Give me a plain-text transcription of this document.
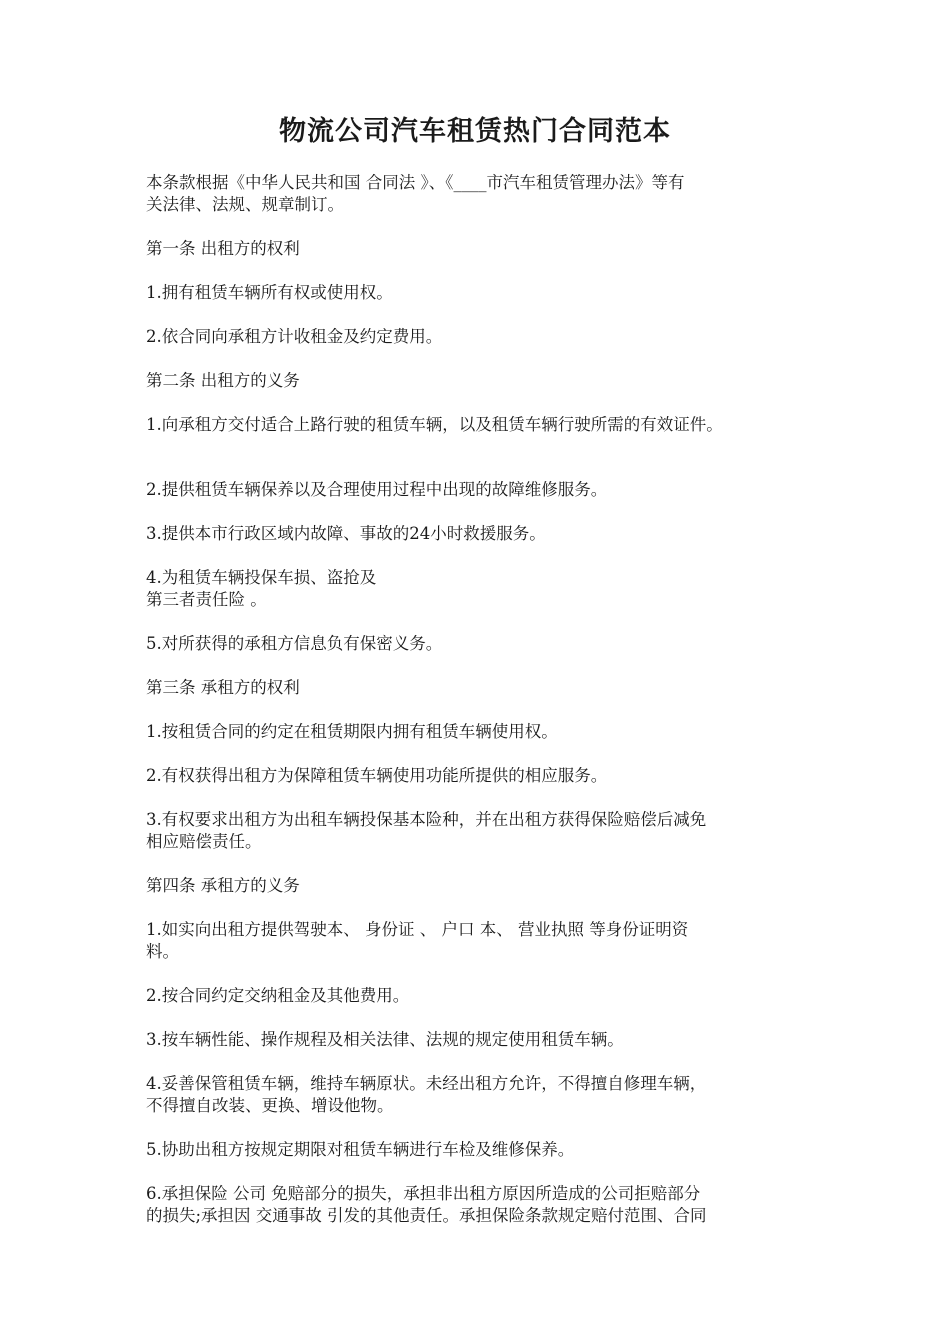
物流公司汽车租赁热门合同范本

本条款根据《中华人民共和国 合同法 》、《____市汽车租赁管理办法》等有
关法律、法规、规章制订。

第一条 出租方的权利

1.拥有租赁车辆所有权或使用权。

2.依合同向承租方计收租金及约定费用。

第二条 出租方的义务

1.向承租方交付适合上路行驶的租赁车辆，以及租赁车辆行驶所需的有效证件。

2.提供租赁车辆保养以及合理使用过程中出现的故障维修服务。

3.提供本市行政区域内故障、事故的24小时救援服务。

4.为租赁车辆投保车损、盗抢及
第三者责任险 。

5.对所获得的承租方信息负有保密义务。

第三条 承租方的权利

1.按租赁合同的约定在租赁期限内拥有租赁车辆使用权。

2.有权获得出租方为保障租赁车辆使用功能所提供的相应服务。

3.有权要求出租方为出租车辆投保基本险种，并在出租方获得保险赔偿后减免
相应赔偿责任。

第四条 承租方的义务

1.如实向出租方提供驾驶本、 身份证 、 户口 本、 营业执照 等身份证明资
料。

2.按合同约定交纳租金及其他费用。

3.按车辆性能、操作规程及相关法律、法规的规定使用租赁车辆。

4.妥善保管租赁车辆，维持车辆原状。未经出租方允许，不得擅自修理车辆，
不得擅自改装、更换、增设他物。

5.协助出租方按规定期限对租赁车辆进行车检及维修保养。

6.承担保险 公司 免赔部分的损失，承担非出租方原因所造成的公司拒赔部分
的损失;承担因 交通事故 引发的其他责任。承担保险条款规定赔付范围、合同
